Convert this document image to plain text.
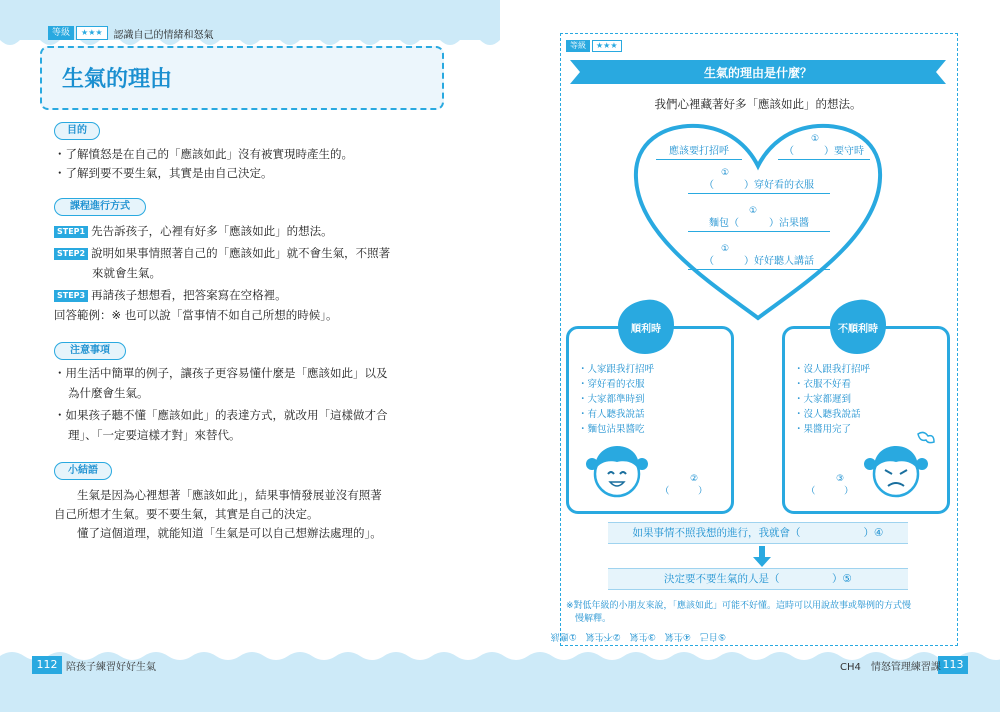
等級	★★★	認識自己的情緒和怒氣
生氣的理由
目的
・了解憤怒是在自己的「應該如此」沒有被實現時產生的。
・了解到要不要生氣，其實是由自己決定。
課程進行方式
STEP1 先告訴孩子，心裡有好多「應該如此」的想法。
STEP2 說明如果事情照著自己的「應該如此」就不會生氣，不照著
來就會生氣。
STEP3 再請孩子想想看，把答案寫在空格裡。
回答範例：※ 也可以說「當事情不如自己所想的時候」。
注意事項
・用生活中簡單的例子，讓孩子更容易懂什麼是「應該如此」以及
為什麼會生氣。
・如果孩子聽不懂「應該如此」的表達方式，就改用「這樣做才合
理」、「一定要這樣才對」來替代。
小結語
　　生氣是因為心裡想著「應該如此」，結果事情發展並沒有照著
自己所想才生氣。要不要生氣，其實是自己的決定。
　　懂了這個道理，就能知道「生氣是可以自己想辦法處理的」。
112 陪孩子練習好好生氣
等級	★★★
生氣的理由是什麼？
我們心裡藏著好多「應該如此」的想法。
應該要打招呼
①
（　　　）要守時
①
（　　　）穿好看的衣服
①
麵包（　　　）沾果醬
①
（　　　）好好聽人講話
順利時
・人家跟我打招呼
・穿好看的衣服
・大家都準時到
・有人聽我說話
・麵包沾果醬吃
②
（　　　）
不順利時
・沒人跟我打招呼
・衣服不好看
・大家都遲到
・沒人聽我說話
・果醬用完了
③
（　　　）
如果事情不照我想的進行，我就會（　　　　　　）④
決定要不要生氣的人是（　　　　　）⑤
※對低年級的小朋友來說，「應該如此」可能不好懂。這時可以用說故事或舉例的方式慢
　慢解釋。
⑤自己　④生氣　③生氣　②不生氣　①應該
113
CH4　情怒管理練習課
